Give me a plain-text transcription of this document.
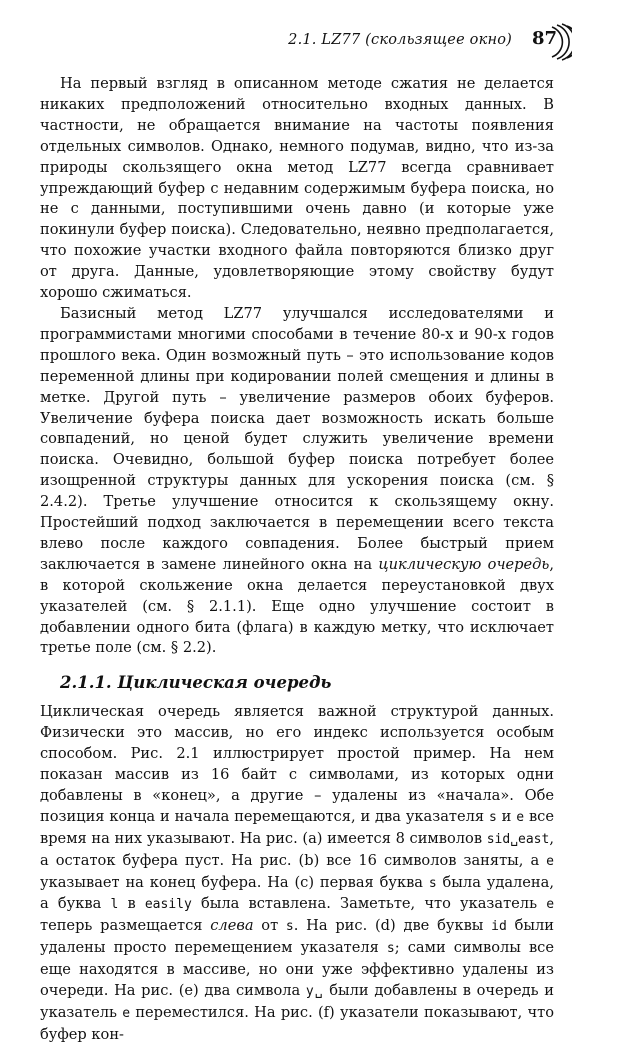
2.1. LZ77 (скользящее окно) 87

На первый взгляд в описанном методе сжатия не делается никаких предположений относительно входных данных. В частности, не обращается внимание на частоты появления отдельных символов. Однако, немного подумав, видно, что из-за природы скользящего окна метод LZ77 всегда сравнивает упреждающий буфер с недавним содержимым буфера поиска, но не с данными, поступившими очень давно (и которые уже покинули буфер поиска). Следовательно, неявно предполагается, что похожие участки входного файла повторяются близко друг от друга. Данные, удовлетворяющие этому свойству будут хорошо сжиматься.

Базисный метод LZ77 улучшался исследователями и программистами многими способами в течение 80-х и 90-х годов прошлого века. Один возможный путь – это использование кодов переменной длины при кодировании полей смещения и длины в метке. Другой путь – увеличение размеров обоих буферов. Увеличение буфера поиска дает возможность искать больше совпадений, но ценой будет служить увеличение времени поиска. Очевидно, большой буфер поиска потребует более изощренной структуры данных для ускорения поиска (см. § 2.4.2). Третье улучшение относится к скользящему окну. Простейший подход заключается в перемещении всего текста влево после каждого совпадения. Более быстрый прием заключается в замене линейного окна на циклическую очередь, в которой скольжение окна делается переустановкой двух указателей (см. § 2.1.1). Еще одно улучшение состоит в добавлении одного бита (флага) в каждую метку, что исключает третье поле (см. § 2.2).

2.1.1. Циклическая очередь

Циклическая очередь является важной структурой данных. Физически это массив, но его индекс используется особым способом. Рис. 2.1 иллюстрирует простой пример. На нем показан массив из 16 байт с символами, из которых одни добавлены в «конец», а другие – удалены из «начала». Обе позиция конца и начала перемещаются, и два указателя s и e все время на них указывают. На рис. (a) имеется 8 символов sid␣east, а остаток буфера пуст. На рис. (b) все 16 символов заняты, а e указывает на конец буфера. На (c) первая буква s была удалена, а буква l в easily была вставлена. Заметьте, что указатель e теперь размещается слева от s. На рис. (d) две буквы id были удалены просто перемещением указателя s; сами символы все еще находятся в массиве, но они уже эффективно удалены из очереди. На рис. (e) два символа y␣ были добавлены в очередь и указатель e переместился. На рис. (f) указатели показывают, что буфер кон-
